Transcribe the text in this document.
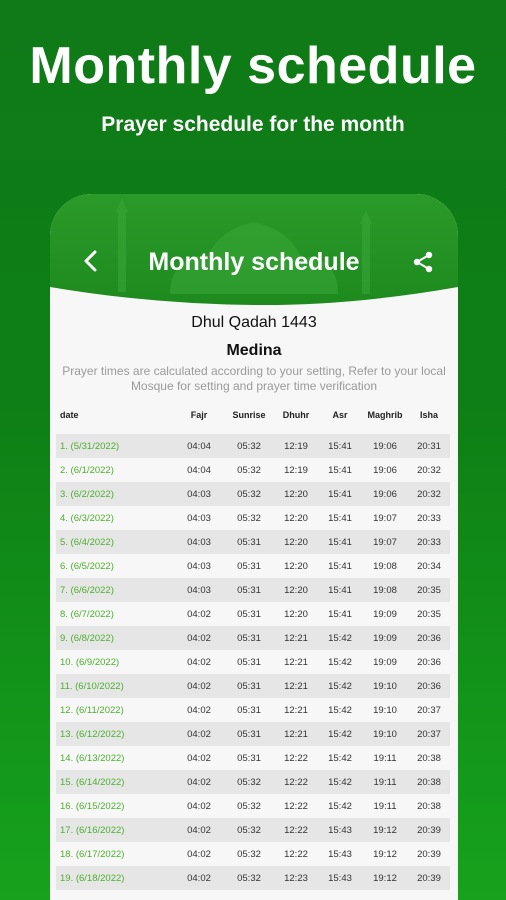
Monthly schedule
Prayer schedule for the month
Monthly schedule
Dhul Qadah 1443
Medina
Prayer times are calculated according to your setting, Refer to your local Mosque for setting and prayer time verification
date	Fajr	Sunrise	Dhuhr	Asr	Maghrib	Isha
1. (5/31/2022)	04:04	05:32	12:19	15:41	19:06	20:31
2. (6/1/2022)	04:04	05:32	12:19	15:41	19:06	20:32
3. (6/2/2022)	04:03	05:32	12:20	15:41	19:06	20:32
4. (6/3/2022)	04:03	05:32	12:20	15:41	19:07	20:33
5. (6/4/2022)	04:03	05:31	12:20	15:41	19:07	20:33
6. (6/5/2022)	04:03	05:31	12:20	15:41	19:08	20:34
7. (6/6/2022)	04:03	05:31	12:20	15:41	19:08	20:35
8. (6/7/2022)	04:02	05:31	12:20	15:41	19:09	20:35
9. (6/8/2022)	04:02	05:31	12:21	15:42	19:09	20:36
10. (6/9/2022)	04:02	05:31	12:21	15:42	19:09	20:36
11. (6/10/2022)	04:02	05:31	12:21	15:42	19:10	20:36
12. (6/11/2022)	04:02	05:31	12:21	15:42	19:10	20:37
13. (6/12/2022)	04:02	05:31	12:21	15:42	19:10	20:37
14. (6/13/2022)	04:02	05:31	12:22	15:42	19:11	20:38
15. (6/14/2022)	04:02	05:32	12:22	15:42	19:11	20:38
16. (6/15/2022)	04:02	05:32	12:22	15:42	19:11	20:38
17. (6/16/2022)	04:02	05:32	12:22	15:43	19:12	20:39
18. (6/17/2022)	04:02	05:32	12:22	15:43	19:12	20:39
19. (6/18/2022)	04:02	05:32	12:23	15:43	19:12	20:39
